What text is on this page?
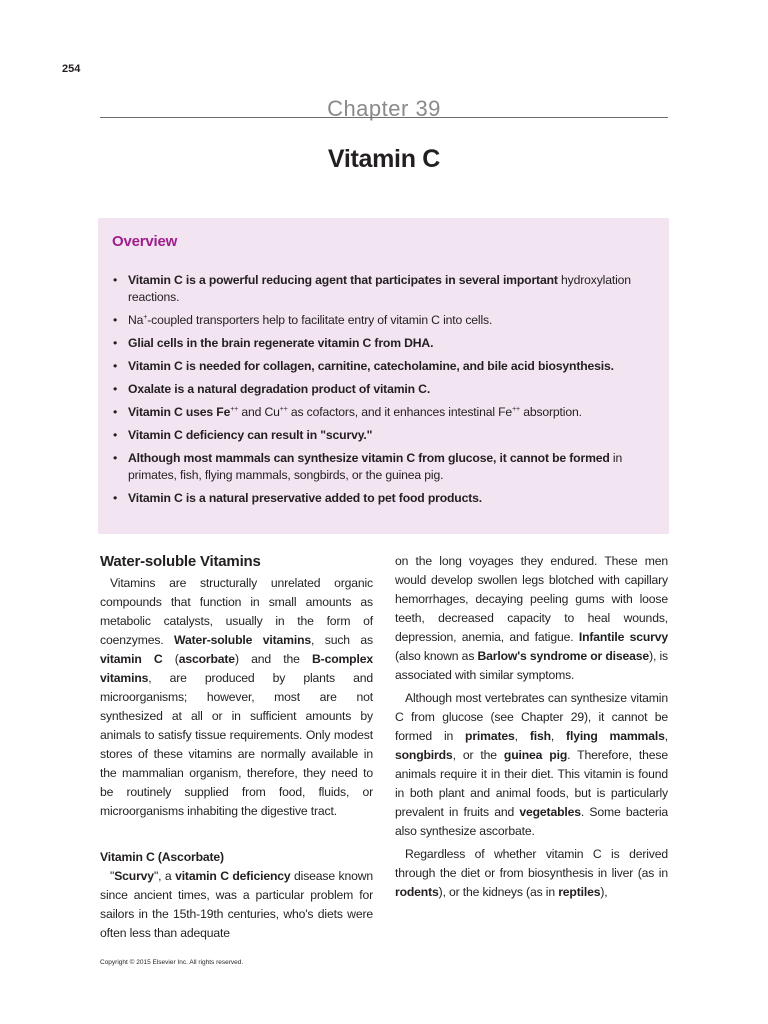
254
Chapter 39
Vitamin C
Overview
• Vitamin C is a powerful reducing agent that participates in several important hydroxylation reactions.
• Na+-coupled transporters help to facilitate entry of vitamin C into cells.
• Glial cells in the brain regenerate vitamin C from DHA.
• Vitamin C is needed for collagen, carnitine, catecholamine, and bile acid biosynthesis.
• Oxalate is a natural degradation product of vitamin C.
• Vitamin C uses Fe++ and Cu++ as cofactors, and it enhances intestinal Fe++ absorption.
• Vitamin C deficiency can result in "scurvy."
• Although most mammals can synthesize vitamin C from glucose, it cannot be formed in primates, fish, flying mammals, songbirds, or the guinea pig.
• Vitamin C is a natural preservative added to pet food products.
Water-soluble Vitamins

Vitamins are structurally unrelated organic compounds that function in small amounts as metabolic catalysts, usually in the form of coenzymes. Water-soluble vitamins, such as vitamin C (ascorbate) and the B-complex vitamins, are produced by plants and microorganisms; however, most are not synthesized at all or in sufficient amounts by animals to satisfy tissue requirements. Only modest stores of these vitamins are normally available in the mammalian organism, therefore, they need to be routinely supplied from food, fluids, or microorganisms inhabiting the digestive tract.

Vitamin C (Ascorbate)

"Scurvy", a vitamin C deficiency disease known since ancient times, was a particular problem for sailors in the 15th-19th centuries, who's diets were often less than adequate

on the long voyages they endured. These men would develop swollen legs blotched with capillary hemorrhages, decaying peeling gums with loose teeth, decreased capacity to heal wounds, depression, anemia, and fatigue. Infantile scurvy (also known as Barlow's syndrome or disease), is associated with similar symptoms.

Although most vertebrates can synthesize vitamin C from glucose (see Chapter 29), it cannot be formed in primates, fish, flying mammals, songbirds, or the guinea pig. Therefore, these animals require it in their diet. This vitamin is found in both plant and animal foods, but is particularly prevalent in fruits and vegetables. Some bacteria also synthesize ascorbate.

Regardless of whether vitamin C is derived through the diet or from biosynthesis in liver (as in rodents), or the kidneys (as in reptiles),

Copyright © 2015 Elsevier Inc. All rights reserved.
